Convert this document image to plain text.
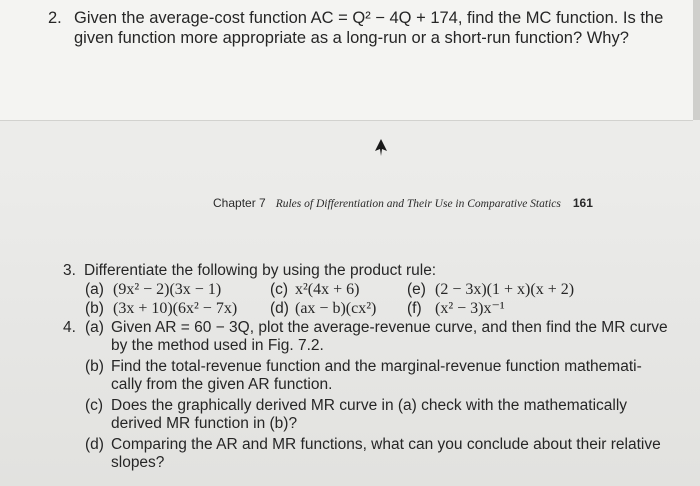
2. Given the average-cost function AC = Q² − 4Q + 174, find the MC function. Is the
given function more appropriate as a long-run or a short-run function? Why?
Chapter 7 Rules of Differentiation and Their Use in Comparative Statics 161
3. Differentiate the following by using the product rule:
(a) (9x² − 2)(3x − 1)	(c) x²(4x + 6)	(e) (2 − 3x)(1 + x)(x + 2)
(b) (3x + 10)(6x² − 7x) (d) (ax − b)(cx²) (f) (x² − 3)x⁻¹
4. (a) Given AR = 60 − 3Q, plot the average-revenue curve, and then find the MR curve
by the method used in Fig. 7.2.
(b) Find the total-revenue function and the marginal-revenue function mathemati-
cally from the given AR function.
(c) Does the graphically derived MR curve in (a) check with the mathematically
derived MR function in (b)?
(d) Comparing the AR and MR functions, what can you conclude about their relative
slopes?
